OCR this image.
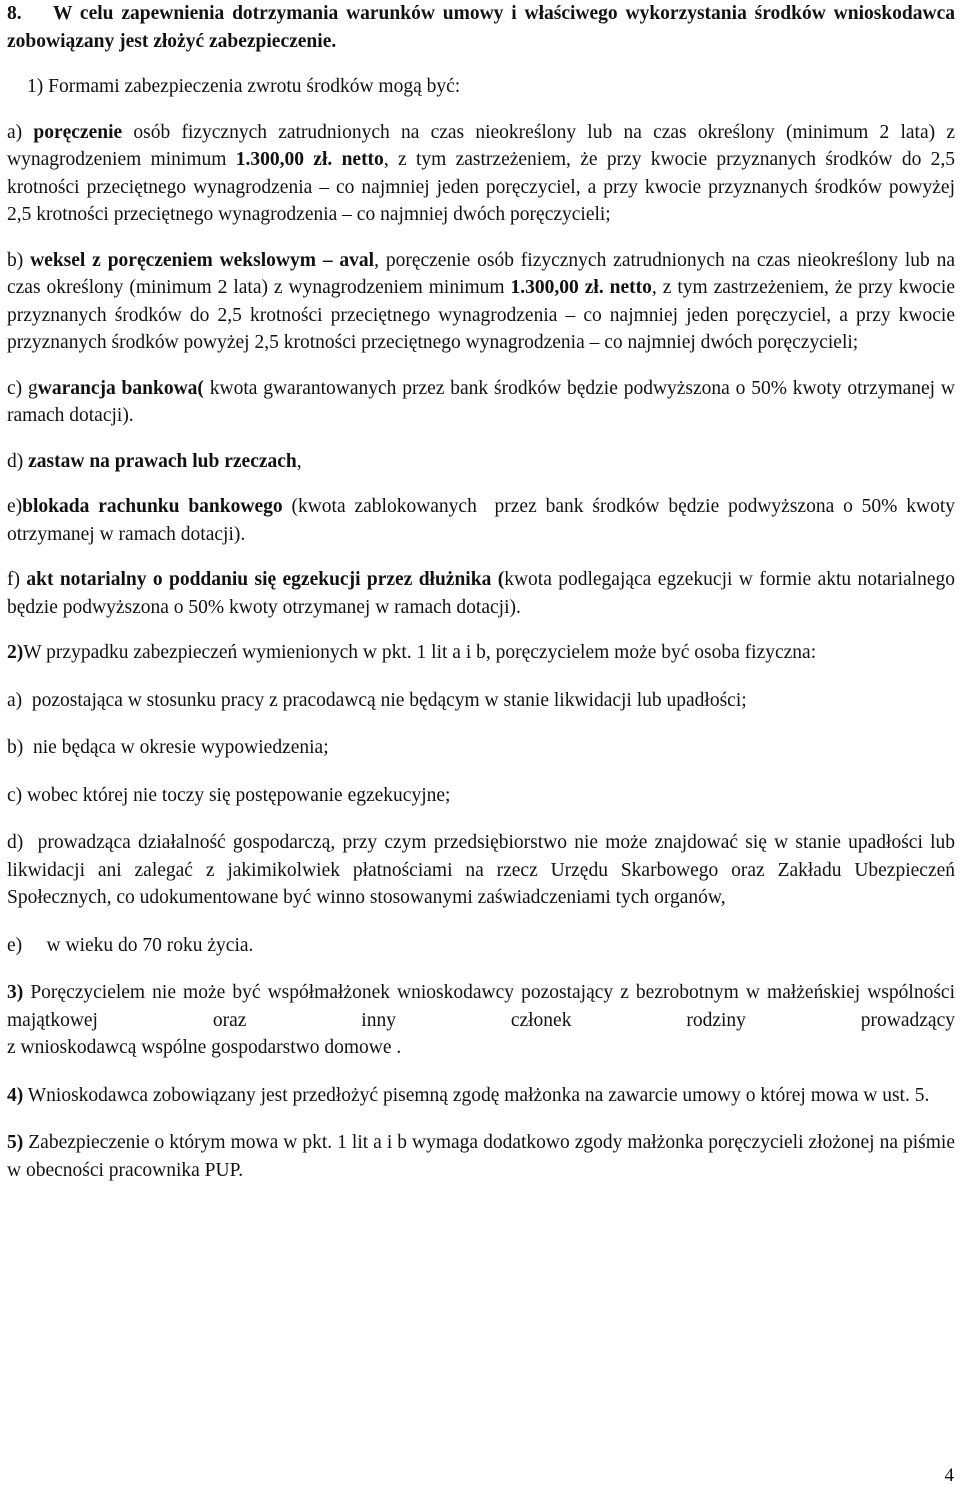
8. W celu zapewnienia dotrzymania warunków umowy i właściwego wykorzystania środków wnioskodawca zobowiązany jest złożyć zabezpieczenie.

1) Formami zabezpieczenia zwrotu środków mogą być:

a) poręczenie osób fizycznych zatrudnionych na czas nieokreślony lub na czas określony (minimum 2 lata) z wynagrodzeniem minimum 1.300,00 zł. netto, z tym zastrzeżeniem, że przy kwocie przyznanych środków do 2,5 krotności przeciętnego wynagrodzenia – co najmniej jeden poręczyciel, a przy kwocie przyznanych środków powyżej 2,5 krotności przeciętnego wynagrodzenia – co najmniej dwóch poręczycieli;

b) weksel z poręczeniem wekslowym – aval, poręczenie osób fizycznych zatrudnionych na czas nieokreślony lub na czas określony (minimum 2 lata) z wynagrodzeniem minimum 1.300,00 zł. netto, z tym zastrzeżeniem, że przy kwocie przyznanych środków do 2,5 krotności przeciętnego wynagrodzenia – co najmniej jeden poręczyciel, a przy kwocie przyznanych środków powyżej 2,5 krotności przeciętnego wynagrodzenia – co najmniej dwóch poręczycieli;

c) gwarancja bankowa( kwota gwarantowanych przez bank środków będzie podwyższona o 50% kwoty otrzymanej w ramach dotacji).

d) zastaw na prawach lub rzeczach,

e)blokada rachunku bankowego (kwota zablokowanych  przez bank środków będzie podwyższona o 50% kwoty otrzymanej w ramach dotacji).

f) akt notarialny o poddaniu się egzekucji przez dłużnika (kwota podlegająca egzekucji w formie aktu notarialnego będzie podwyższona o 50% kwoty otrzymanej w ramach dotacji).

2)W przypadku zabezpieczeń wymienionych w pkt. 1 lit a i b, poręczycielem może być osoba fizyczna:

a)  pozostająca w stosunku pracy z pracodawcą nie będącym w stanie likwidacji lub upadłości;

b)  nie będąca w okresie wypowiedzenia;

c) wobec której nie toczy się postępowanie egzekucyjne;

d)  prowadząca działalność gospodarczą, przy czym przedsiębiorstwo nie może znajdować się w stanie upadłości lub likwidacji ani zalegać z jakimikolwiek płatnościami na rzecz Urzędu Skarbowego oraz Zakładu Ubezpieczeń Społecznych, co udokumentowane być winno stosowanymi zaświadczeniami tych organów,

e)     w wieku do 70 roku życia.

3) Poręczycielem nie może być współmałżonek wnioskodawcy pozostający z bezrobotnym w małżeńskiej wspólności majątkowej oraz inny członek rodziny prowadzący

z wnioskodawcą wspólne gospodarstwo domowe .

4) Wnioskodawca zobowiązany jest przedłożyć pisemną zgodę małżonka na zawarcie umowy o której mowa w ust. 5.

5) Zabezpieczenie o którym mowa w pkt. 1 lit a i b wymaga dodatkowo zgody małżonka poręczycieli złożonej na piśmie w obecności pracownika PUP.

4
